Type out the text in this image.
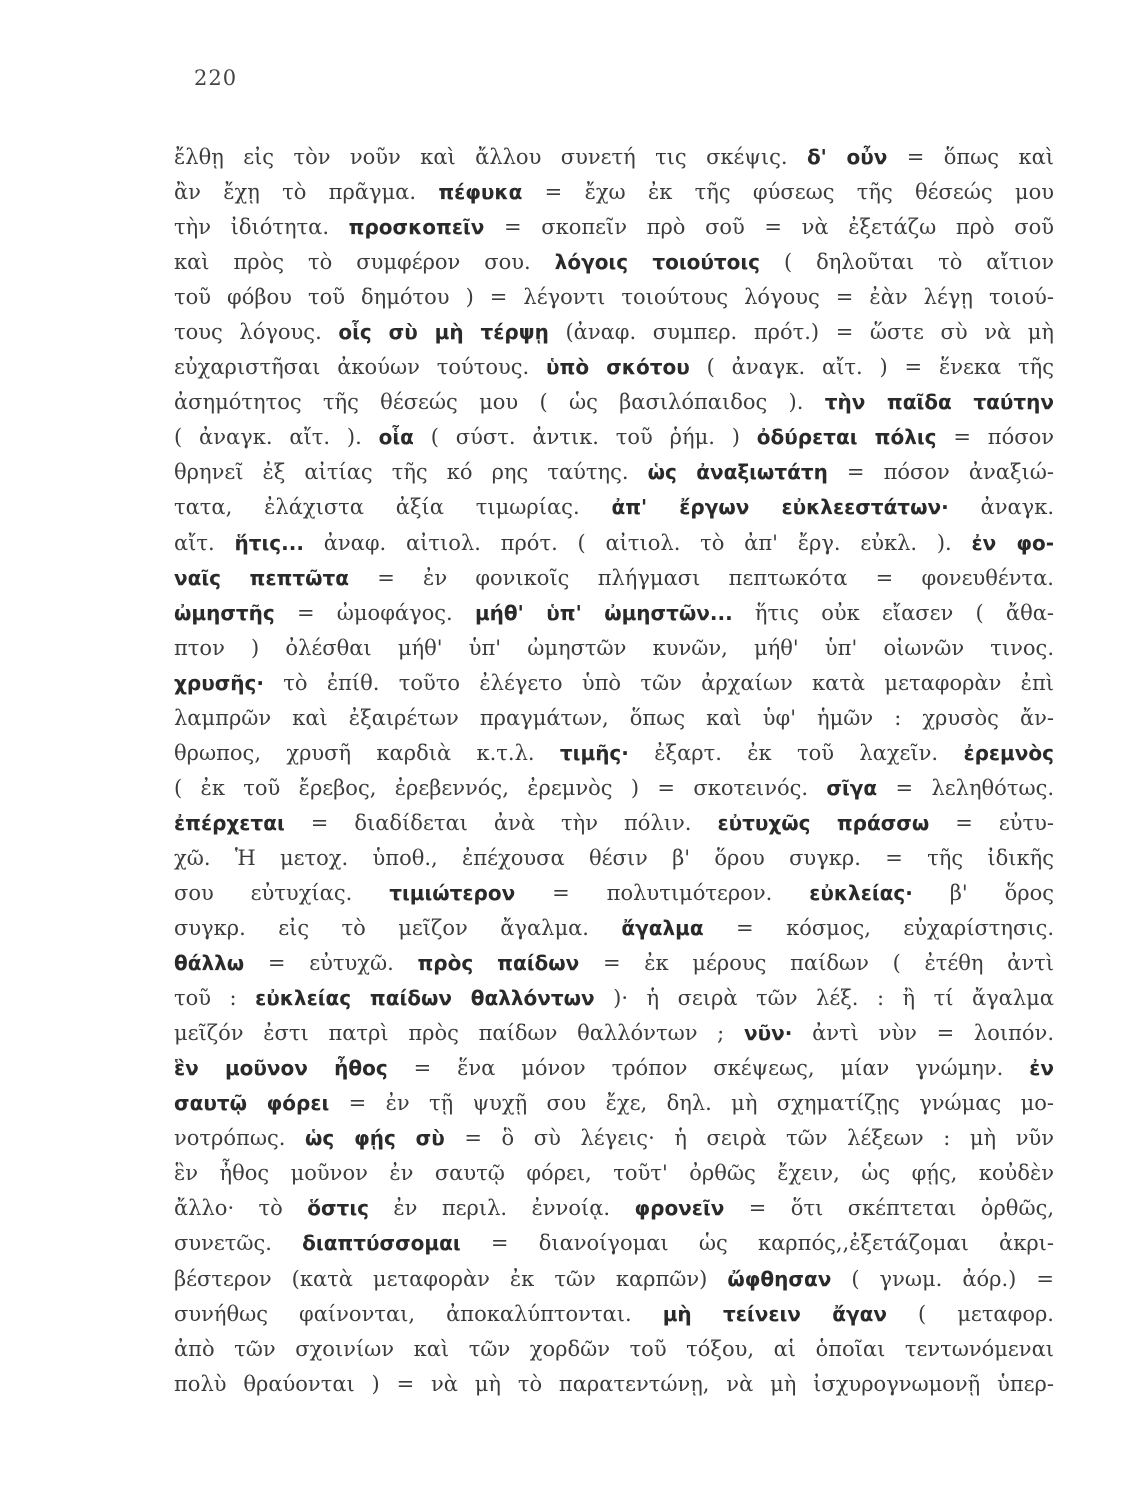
220
ἔλθῃ εἰς τὸν νοῦν καὶ ἄλλου συνετή τις σκέψις. δ' οὖν = ὅπως καὶ
ἂν ἔχῃ τὸ πρᾶγμα. πέφυκα = ἔχω ἐκ τῆς φύσεως τῆς θέσεώς μου
τὴν ἰδιότητα. προσκοπεῖν = σκοπεῖν πρὸ σοῦ = νὰ ἐξετάζω πρὸ σοῦ
καὶ πρὸς τὸ συμφέρον σου. λόγοις τοιούτοις ( δηλοῦται τὸ αἴτιον
τοῦ φόβου τοῦ δημότου ) = λέγοντι τοιούτους λόγους = ἐὰν λέγῃ τοιού-
τους λόγους. οἷς σὺ μὴ τέρψῃ (ἀναφ. συμπερ. πρότ.) = ὥστε σὺ νὰ μὴ
εὐχαριστῆσαι ἀκούων τούτους. ὑπὸ σκότου ( ἀναγκ. αἴτ. ) = ἕνεκα τῆς
ἀσημότητος τῆς θέσεώς μου ( ὡς βασιλόπαιδος ). τὴν παῖδα ταύτην
( ἀναγκ. αἴτ. ). οἷα ( σύστ. ἀντικ. τοῦ ῥήμ. ) ὀδύρεται πόλις = πόσον
θρηνεῖ ἐξ αἰτίας τῆς κό ρης ταύτης. ὡς ἀναξιωτάτη = πόσον ἀναξιώ-
τατα, ἐλάχιστα ἀξία τιμωρίας. ἀπ' ἔργων εὐκλεεστάτων· ἀναγκ.
αἴτ. ἥτις... ἀναφ. αἰτιολ. πρότ. ( αἰτιολ. τὸ ἀπ' ἔργ. εὐκλ. ). ἐν φο-
ναῖς πεπτῶτα = ἐν φονικοῖς πλήγμασι πεπτωκότα = φονευθέντα.
ὠμηστῆς = ὠμοφάγος. μήθ' ὑπ' ὠμηστῶν... ἥτις οὐκ εἴασεν ( ἄθα-
πτον ) ὀλέσθαι μήθ' ὑπ' ὠμηστῶν κυνῶν, μήθ' ὑπ' οἰωνῶν τινος.
χρυσῆς· τὸ ἐπίθ. τοῦτο ἐλέγετο ὑπὸ τῶν ἀρχαίων κατὰ μεταφορὰν ἐπὶ
λαμπρῶν καὶ ἐξαιρέτων πραγμάτων, ὅπως καὶ ὑφ' ἡμῶν : χρυσὸς ἄν-
θρωπος, χρυσῆ καρδιὰ κ.τ.λ. τιμῆς· ἐξαρτ. ἐκ τοῦ λαχεῖν. ἐρεμνὸς
( ἐκ τοῦ ἔρεβος, ἐρεβεννός, ἐρεμνὸς ) = σκοτεινός. σῖγα = λεληθότως.
ἐπέρχεται = διαδίδεται ἀνὰ τὴν πόλιν. εὐτυχῶς πράσσω = εὐτυ-
χῶ. Ἡ μετοχ. ὑποθ., ἐπέχουσα θέσιν β' ὅρου συγκρ. = τῆς ἰδικῆς
σου εὐτυχίας. τιμιώτερον = πολυτιμότερον. εὐκλείας· β' ὅρος
συγκρ. εἰς τὸ μεῖζον ἄγαλμα. ἄγαλμα = κόσμος, εὐχαρίστησις.
θάλλω = εὐτυχῶ. πρὸς παίδων = ἐκ μέρους παίδων ( ἐτέθη ἀντὶ
τοῦ : εὐκλείας παίδων θαλλόντων )· ἡ σειρὰ τῶν λέξ. : ἢ τί ἄγαλμα
μεῖζόν ἐστι πατρὶ πρὸς παίδων θαλλόντων ; νῦν· ἀντὶ νὺν = λοιπόν.
ἓν μοῦνον ἦθος = ἕνα μόνον τρόπον σκέψεως, μίαν γνώμην. ἐν
σαυτῷ φόρει = ἐν τῇ ψυχῇ σου ἔχε, δηλ. μὴ σχηματίζῃς γνώμας μο-
νοτρόπως. ὡς φῄς σὺ = ὃ σὺ λέγεις· ἡ σειρὰ τῶν λέξεων : μὴ νῦν
ἓν ἦθος μοῦνον ἐν σαυτῷ φόρει, τοῦτ' ὀρθῶς ἔχειν, ὡς φῄς, κοὐδὲν
ἄλλο· τὸ ὅστις ἐν περιλ. ἐννοίᾳ. φρονεῖν = ὅτι σκέπτεται ὀρθῶς,
συνετῶς. διαπτύσσομαι = διανοίγομαι ὡς καρπός,,ἐξετάζομαι ἀκρι-
βέστερον (κατὰ μεταφορὰν ἐκ τῶν καρπῶν) ὤφθησαν ( γνωμ. ἀόρ.) =
συνήθως φαίνονται, ἀποκαλύπτονται. μὴ τείνειν ἄγαν ( μεταφορ.
ἀπὸ τῶν σχοινίων καὶ τῶν χορδῶν τοῦ τόξου, αἱ ὁποῖαι τεντωνόμεναι
πολὺ θραύονται ) = νὰ μὴ τὸ παρατεντώνῃ, νὰ μὴ ἰσχυρογνωμονῇ ὑπερ-
